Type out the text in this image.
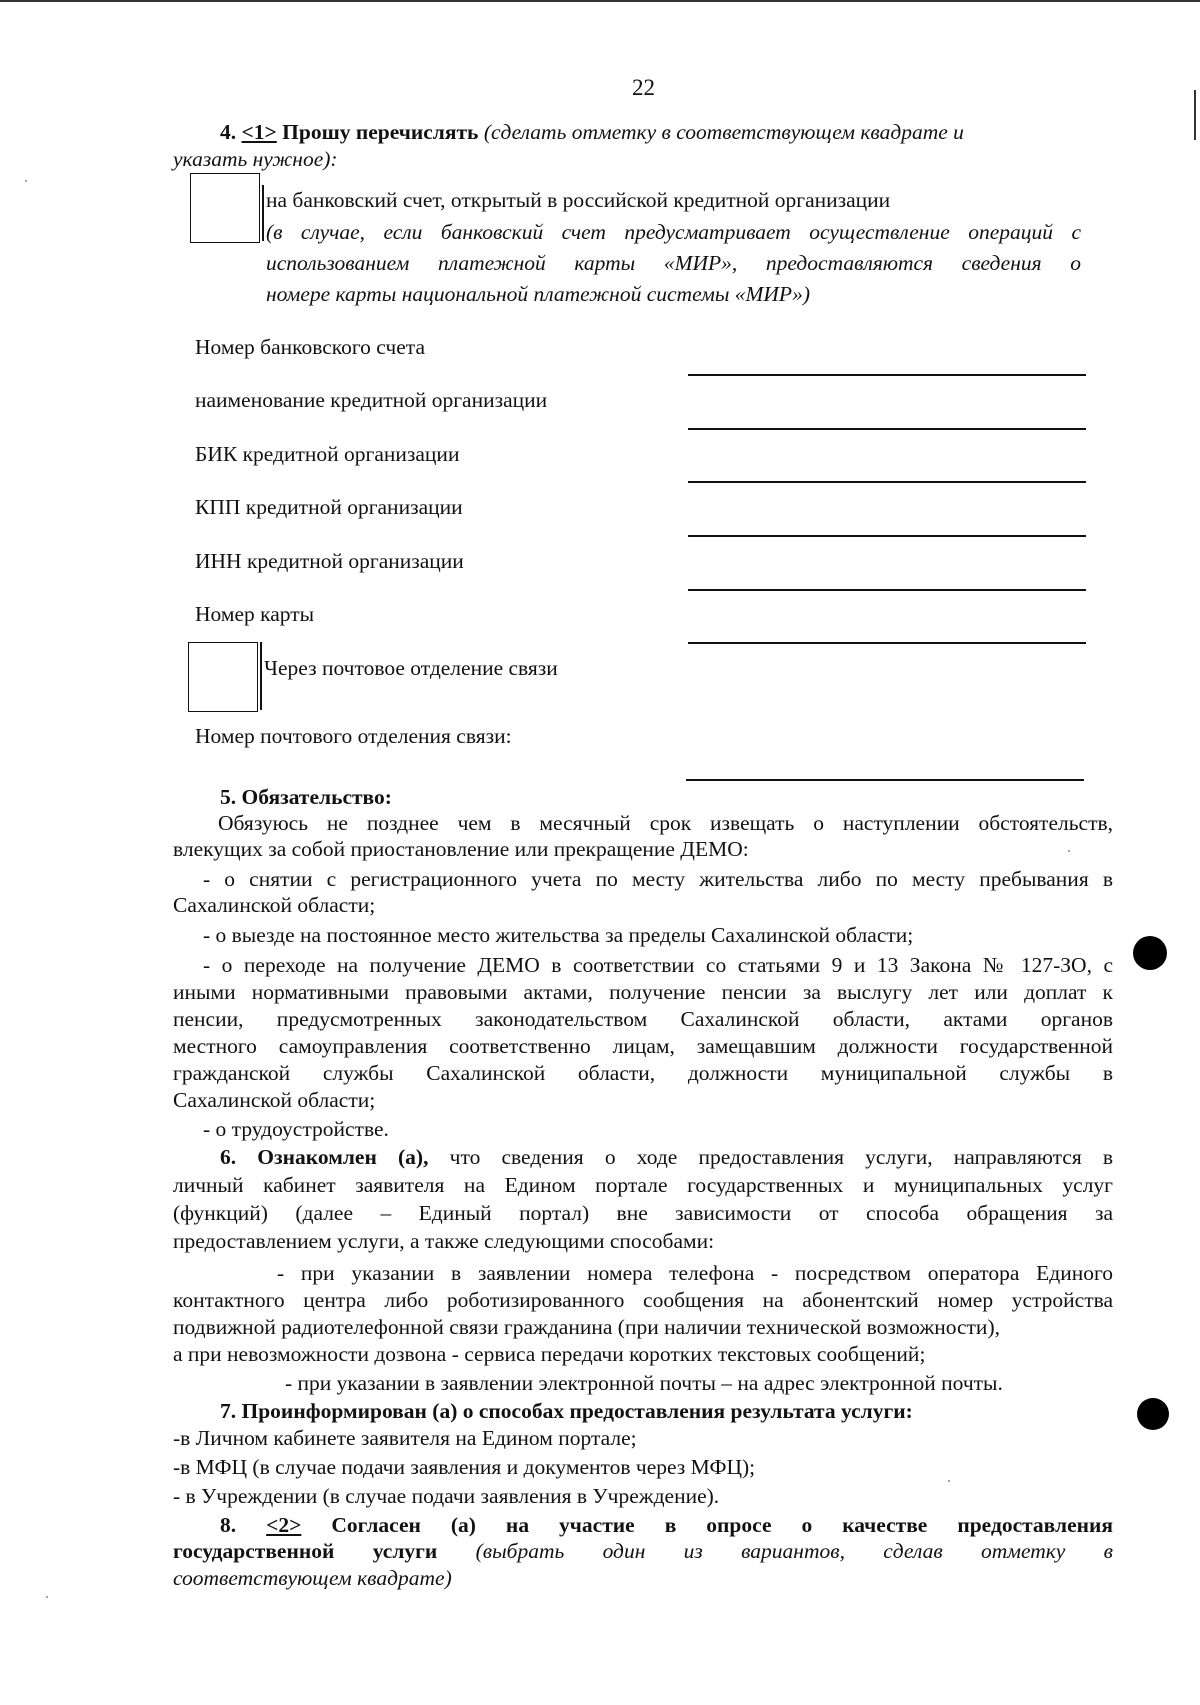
22
4. <1> Прошу перечислять (сделать отметку в соответствующем квадрате и
указать нужное):
на банковский счет, открытый в российской кредитной организации
(в случае, если банковский счет предусматривает осуществление операций с
использованием платежной карты «МИР», предоставляются сведения о
номере карты национальной платежной системы «МИР»)
Номер банковского счета
наименование кредитной организации
БИК кредитной организации
КПП кредитной организации
ИНН кредитной организации
Номер карты
Через почтовое отделение связи
Номер почтового отделения связи:
5. Обязательство:
Обязуюсь не позднее чем в месячный срок извещать о наступлении обстоятельств,
влекущих за собой приостановление или прекращение ДЕМО:
- о снятии с регистрационного учета по месту жительства либо по месту пребывания в
Сахалинской области;
- о выезде на постоянное место жительства за пределы Сахалинской области;
- о переходе на получение ДЕМО в соответствии со статьями 9 и 13 Закона № 127-ЗО, с
иными нормативными правовыми актами, получение пенсии за выслугу лет или доплат к
пенсии, предусмотренных законодательством Сахалинской области, актами органов
местного самоуправления соответственно лицам, замещавшим должности государственной
гражданской службы Сахалинской области, должности муниципальной службы в
Сахалинской области;
- о трудоустройстве.
6. Ознакомлен (а), что сведения о ходе предоставления услуги, направляются в
личный кабинет заявителя на Едином портале государственных и муниципальных услуг
(функций) (далее – Единый портал) вне зависимости от способа обращения за
предоставлением услуги, а также следующими способами:
- при указании в заявлении номера телефона - посредством оператора Единого
контактного центра либо роботизированного сообщения на абонентский номер устройства
подвижной радиотелефонной связи гражданина (при наличии технической возможности),
а при невозможности дозвона - сервиса передачи коротких текстовых сообщений;
- при указании в заявлении электронной почты – на адрес электронной почты.
7. Проинформирован (а) о способах предоставления результата услуги:
-в Личном кабинете заявителя на Едином портале;
-в МФЦ (в случае подачи заявления и документов через МФЦ);
- в Учреждении (в случае подачи заявления в Учреждение).
8. <2> Согласен (а) на участие в опросе о качестве предоставления
государственной услуги (выбрать один из вариантов, сделав отметку в
соответствующем квадрате)
